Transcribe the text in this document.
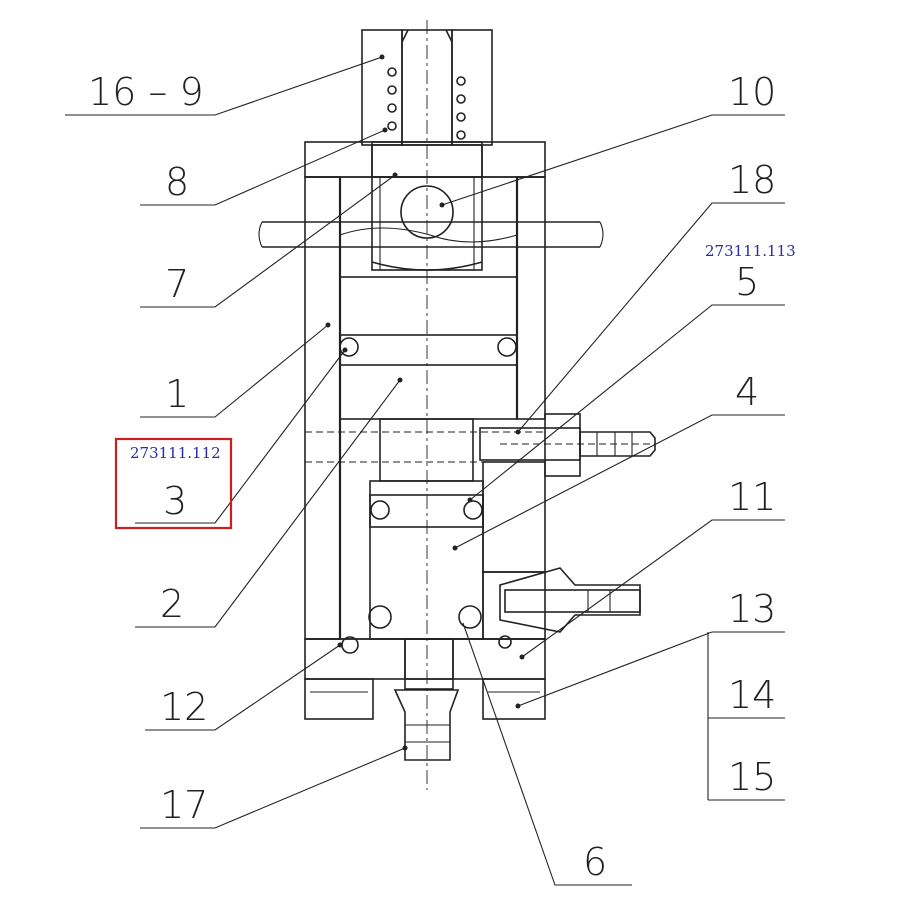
16 – 9
8
7
1
3
2
12
17
10
18
5
4
11
13
14
15
6
273111.113
273111.112
